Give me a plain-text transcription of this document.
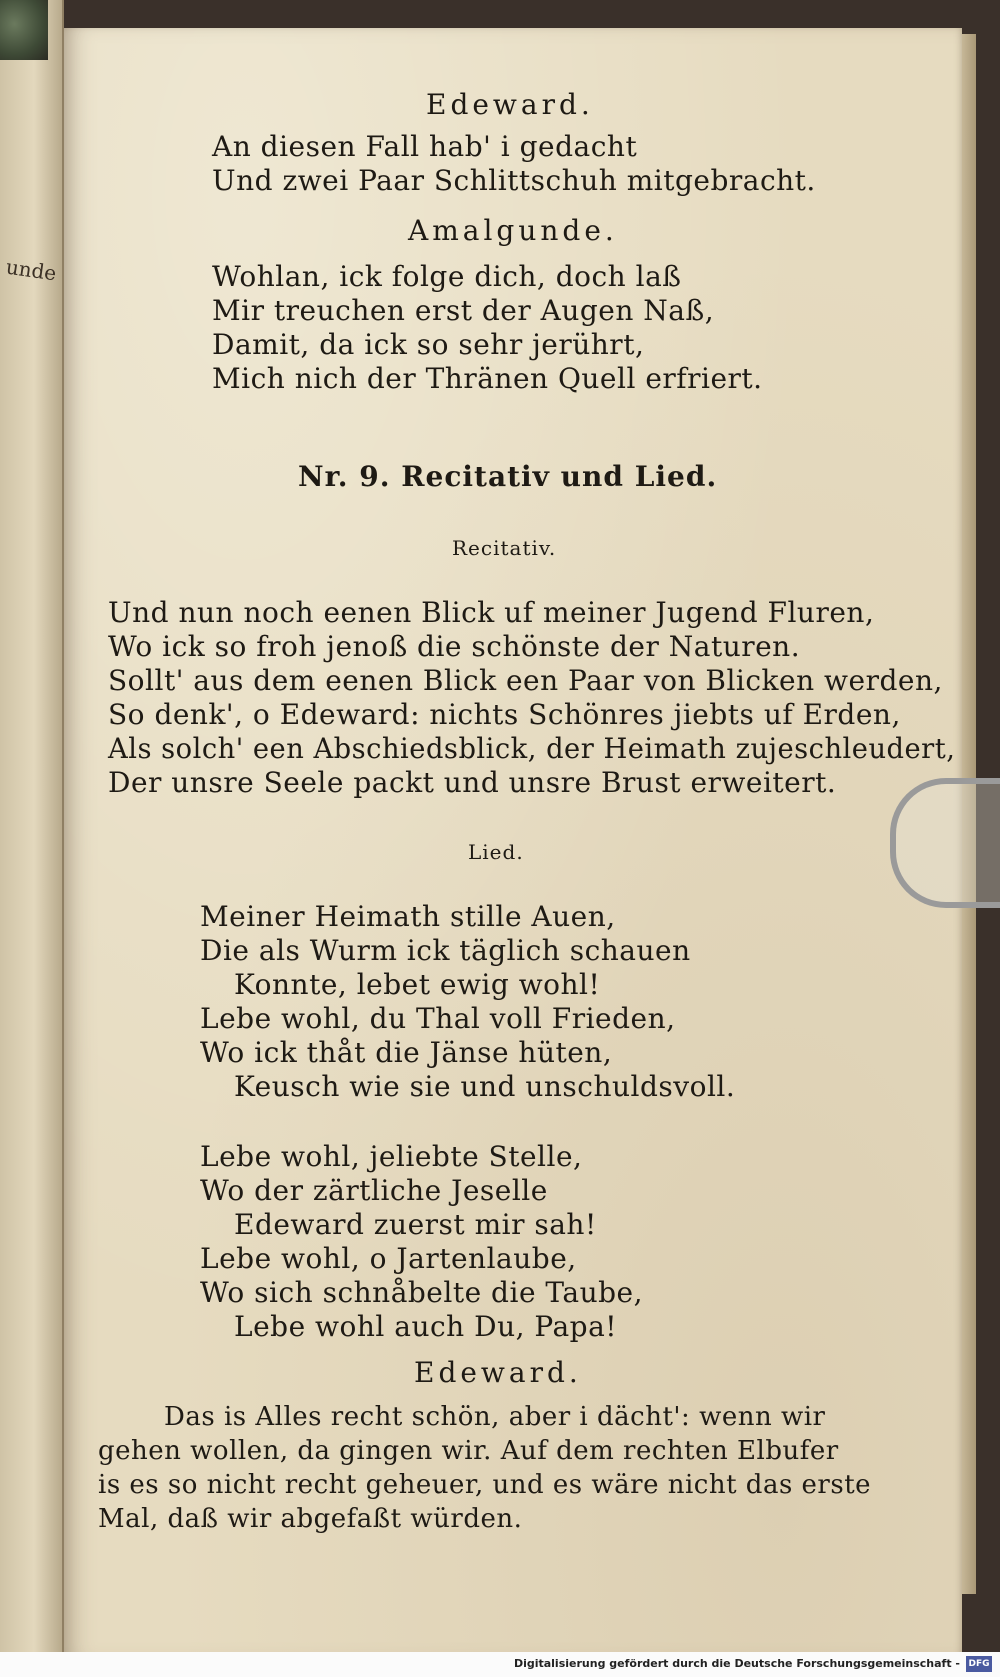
unde

Edeward.

An diesen Fall hab' i gedacht

Und zwei Paar Schlittschuh mitgebracht.

Amalgunde.

Wohlan, ick folge dich, doch laß

Mir treuchen erst der Augen Naß,

Damit, da ick so sehr jerührt,

Mich nich der Thränen Quell erfriert.

Nr. 9. Recitativ und Lied.

Recitativ.

Und nun noch eenen Blick uf meiner Jugend Fluren,

Wo ick so froh jenoß die schönste der Naturen.

Sollt' aus dem eenen Blick een Paar von Blicken werden,

So denk', o Edeward: nichts Schönres jiebts uf Erden,

Als solch' een Abschiedsblick, der Heimath zujeschleudert,

Der unsre Seele packt und unsre Brust erweitert.

Lied.

Meiner Heimath stille Auen,

Die als Wurm ick täglich schauen

Konnte, lebet ewig wohl!

Lebe wohl, du Thal voll Frieden,

Wo ick thåt die Jänse hüten,

Keusch wie sie und unschuldsvoll.

Lebe wohl, jeliebte Stelle,

Wo der zärtliche Jeselle

Edeward zuerst mir sah!

Lebe wohl, o Jartenlaube,

Wo sich schnåbelte die Taube,

Lebe wohl auch Du, Papa!

Edeward.

Das is Alles recht schön, aber i dächt': wenn wir

gehen wollen, da gingen wir. Auf dem rechten Elbufer

is es so nicht recht geheuer, und es wäre nicht das erste

Mal, daß wir abgefaßt würden.

Digitalisierung gefördert durch die Deutsche Forschungsgemeinschaft - DFG
